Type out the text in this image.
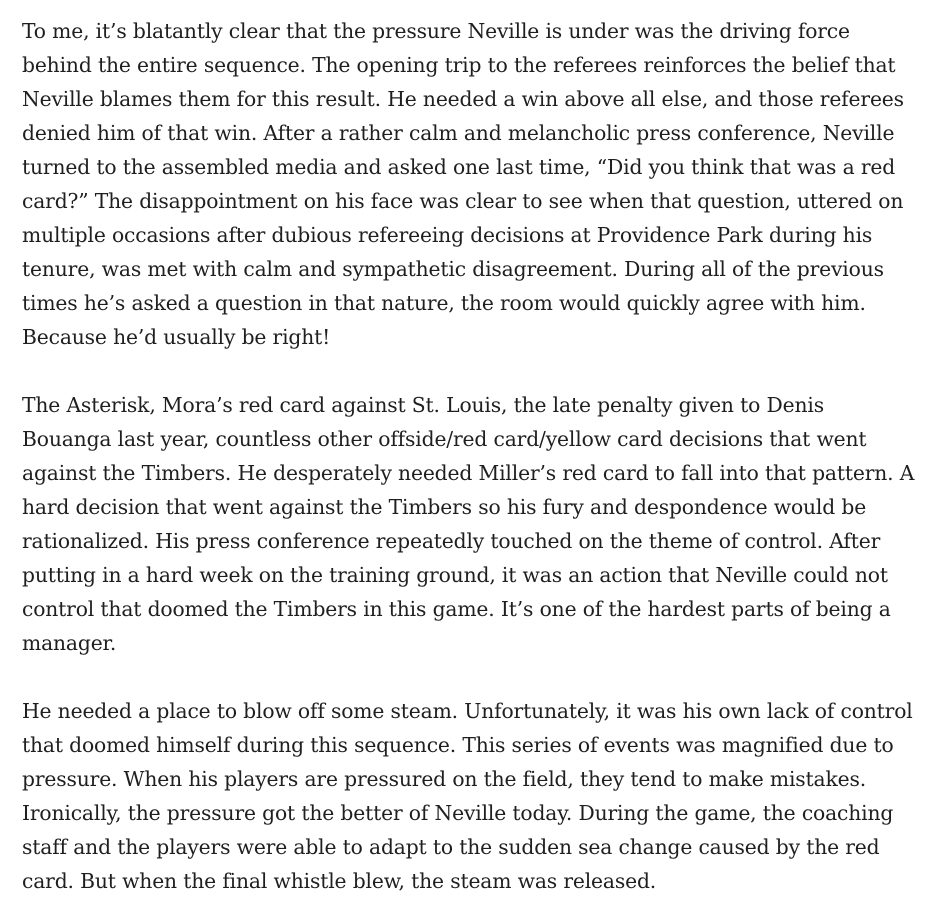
To me, it’s blatantly clear that the pressure Neville is under was the driving force behind the entire sequence. The opening trip to the referees reinforces the belief that Neville blames them for this result. He needed a win above all else, and those referees denied him of that win. After a rather calm and melancholic press conference, Neville turned to the assembled media and asked one last time, “Did you think that was a red card?” The disappointment on his face was clear to see when that question, uttered on multiple occasions after dubious refereeing decisions at Providence Park during his tenure, was met with calm and sympathetic disagreement. During all of the previous times he’s asked a question in that nature, the room would quickly agree with him. Because he’d usually be right!

The Asterisk, Mora’s red card against St. Louis, the late penalty given to Denis Bouanga last year, countless other offside/red card/yellow card decisions that went against the Timbers. He desperately needed Miller’s red card to fall into that pattern. A hard decision that went against the Timbers so his fury and despondence would be rationalized. His press conference repeatedly touched on the theme of control. After putting in a hard week on the training ground, it was an action that Neville could not control that doomed the Timbers in this game. It’s one of the hardest parts of being a manager.

He needed a place to blow off some steam. Unfortunately, it was his own lack of control that doomed himself during this sequence. This series of events was magnified due to pressure. When his players are pressured on the field, they tend to make mistakes. Ironically, the pressure got the better of Neville today. During the game, the coaching staff and the players were able to adapt to the sudden sea change caused by the red card. But when the final whistle blew, the steam was released.
